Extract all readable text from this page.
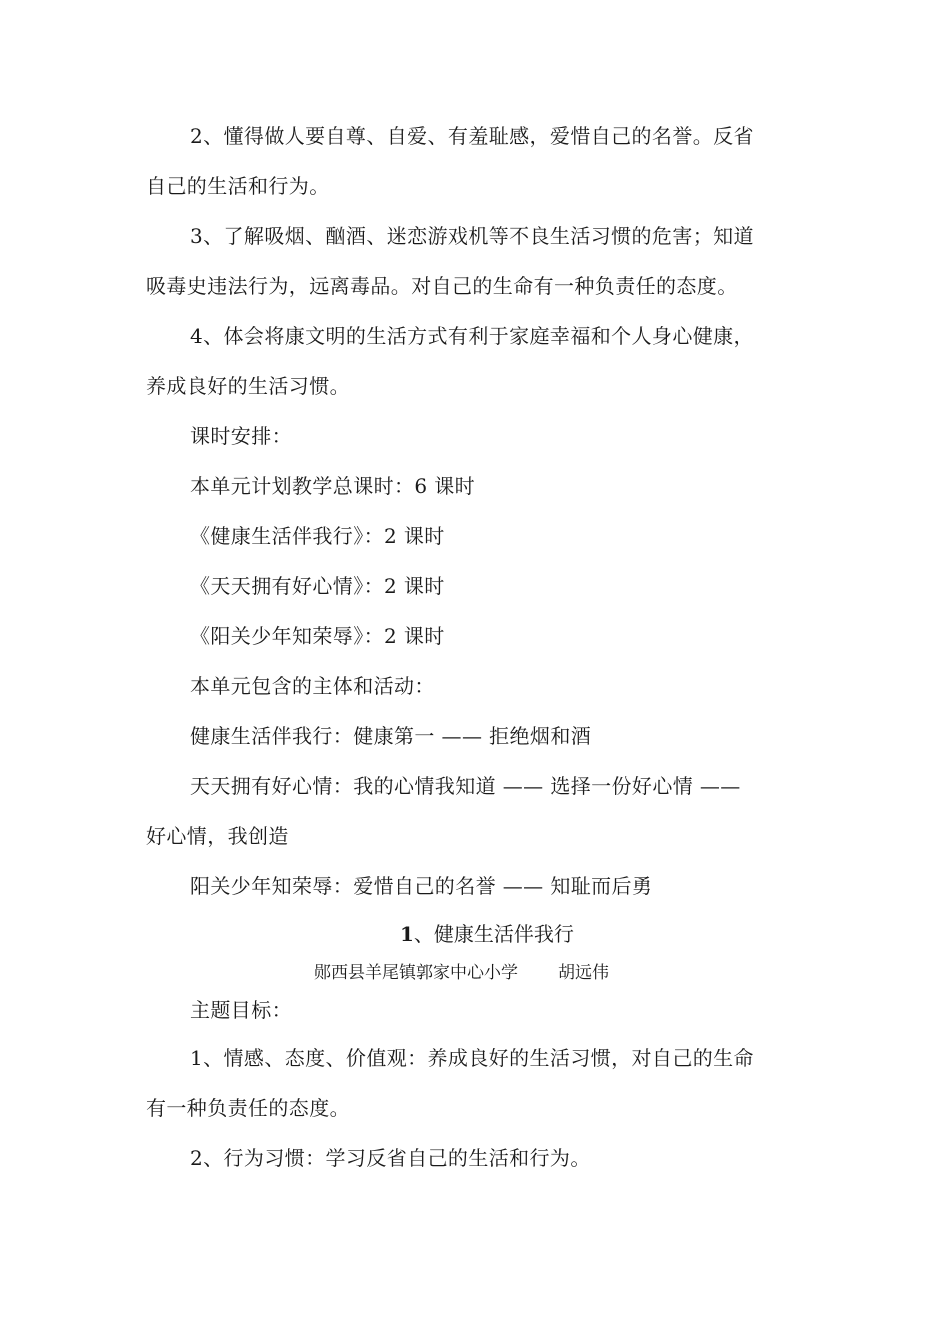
2、懂得做人要自尊、自爱、有羞耻感，爱惜自己的名誉。反省
自己的生活和行为。
3、了解吸烟、酗酒、迷恋游戏机等不良生活习惯的危害；知道
吸毒史违法行为，远离毒品。对自己的生命有一种负责任的态度。
4、体会将康文明的生活方式有利于家庭幸福和个人身心健康，
养成良好的生活习惯。
课时安排：
本单元计划教学总课时：6 课时
《健康生活伴我行》：2 课时
《天天拥有好心情》：2 课时
《阳关少年知荣辱》：2 课时
本单元包含的主体和活动：
健康生活伴我行：健康第一 —— 拒绝烟和酒
天天拥有好心情：我的心情我知道 —— 选择一份好心情 ——
好心情，我创造
阳关少年知荣辱：爱惜自己的名誉 —— 知耻而后勇
1、健康生活伴我行
郧西县羊尾镇郭家中心小学 胡远伟
主题目标：
1、情感、态度、价值观：养成良好的生活习惯，对自己的生命
有一种负责任的态度。
2、行为习惯：学习反省自己的生活和行为。
